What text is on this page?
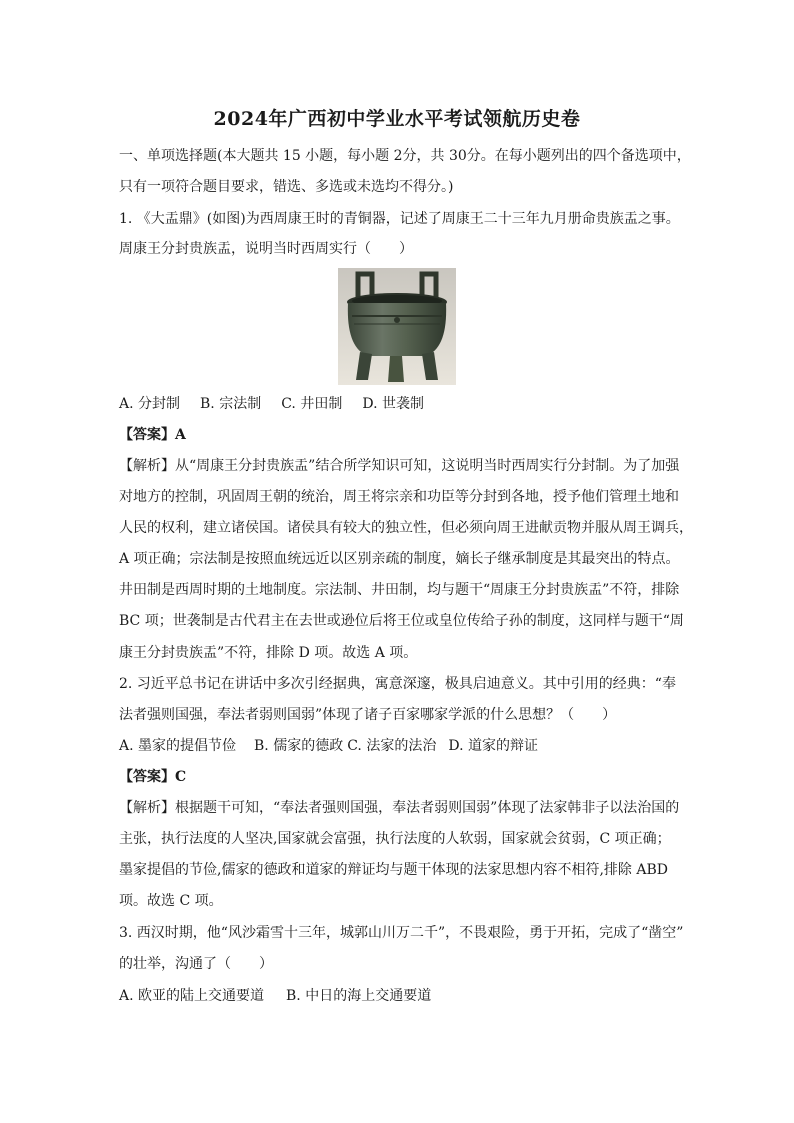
2024年广西初中学业水平考试领航历史卷
一、单项选择题(本大题共 15 小题，每小题 2分，共 30分。在每小题列出的四个备选项中，
只有一项符合题目要求，错选、多选或未选均不得分。)
1. 《大盂鼎》(如图)为西周康王时的青铜器，记述了周康王二十三年九月册命贵族盂之事。
周康王分封贵族盂，说明当时西周实行（　　）
A. 分封制 B. 宗法制 C. 井田制 D. 世袭制
【答案】A
【解析】从“周康王分封贵族盂”结合所学知识可知，这说明当时西周实行分封制。为了加强
对地方的控制，巩固周王朝的统治，周王将宗亲和功臣等分封到各地，授予他们管理土地和
人民的权利，建立诸侯国。诸侯具有较大的独立性，但必须向周王进献贡物并服从周王调兵，
A 项正确；宗法制是按照血统远近以区别亲疏的制度，嫡长子继承制度是其最突出的特点。
井田制是西周时期的土地制度。宗法制、井田制，均与题干“周康王分封贵族盂”不符，排除
BC 项；世袭制是古代君主在去世或逊位后将王位或皇位传给子孙的制度，这同样与题干“周
康王分封贵族盂”不符，排除 D 项。故选 A 项。
2. 习近平总书记在讲话中多次引经据典，寓意深邃，极具启迪意义。其中引用的经典：“奉
法者强则国强，奉法者弱则国弱”体现了诸子百家哪家学派的什么思想？（　　）
A. 墨家的提倡节俭 B. 儒家的德政 C. 法家的法治 D. 道家的辩证
【答案】C
【解析】根据题干可知，“奉法者强则国强，奉法者弱则国弱”体现了法家韩非子以法治国的
主张，执行法度的人坚决,国家就会富强，执行法度的人软弱，国家就会贫弱，C 项正确；
墨家提倡的节俭,儒家的德政和道家的辩证均与题干体现的法家思想内容不相符,排除 ABD
项。故选 C 项。
3. 西汉时期，他“风沙霜雪十三年，城郭山川万二千”，不畏艰险，勇于开拓，完成了“凿空”
的壮举，沟通了（　　）
A. 欧亚的陆上交通要道 B. 中日的海上交通要道
